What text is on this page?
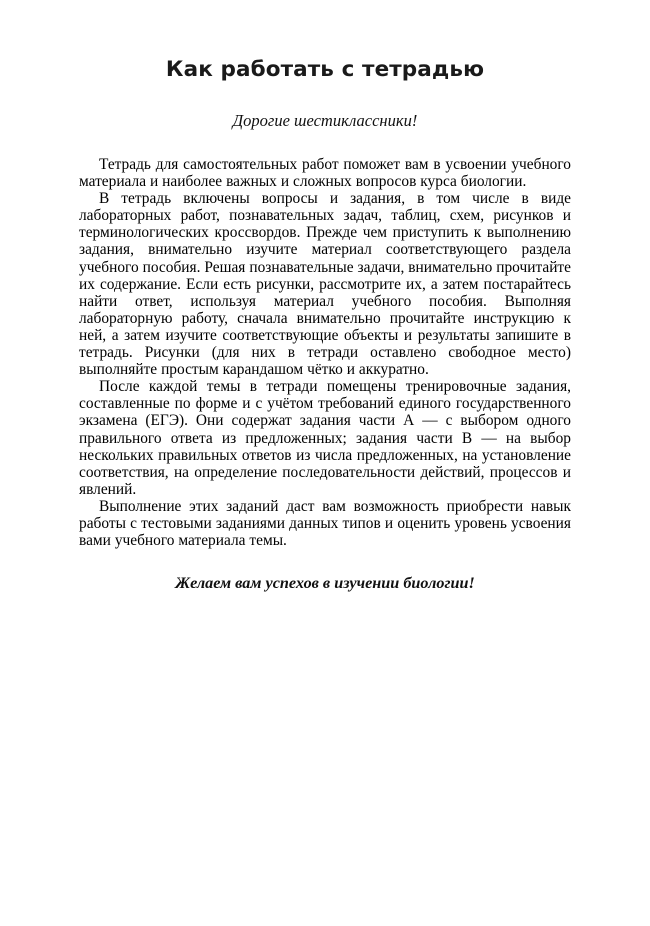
Как работать с тетрадью

Дорогие шестиклассники!

Тетрадь для самостоятельных работ поможет вам в усвоении учебного материала и наиболее важных и сложных вопросов курса биологии.

В тетрадь включены вопросы и задания, в том числе в виде лабораторных работ, познавательных задач, таблиц, схем, рисунков и терминологических кроссвордов. Прежде чем приступить к выполнению задания, внимательно изучите материал соответствующего раздела учебного пособия. Решая познавательные задачи, внимательно прочитайте их содержание. Если есть рисунки, рассмотрите их, а затем постарайтесь найти ответ, используя материал учебного пособия. Выполняя лабораторную работу, сначала внимательно прочитайте инструкцию к ней, а затем изучите соответствующие объекты и результаты запишите в тетрадь. Рисунки (для них в тетради оставлено свободное место) выполняйте простым карандашом чётко и аккуратно.

После каждой темы в тетради помещены тренировочные задания, составленные по форме и с учётом требований единого государственного экзамена (ЕГЭ). Они содержат задания части А — с выбором одного правильного ответа из предложенных; задания части В — на выбор нескольких правильных ответов из числа предложенных, на установление соответствия, на определение последовательности действий, процессов и явлений.

Выполнение этих заданий даст вам возможность приобрести навык работы с тестовыми заданиями данных типов и оценить уровень усвоения вами учебного материала темы.

Желаем вам успехов в изучении биологии!
